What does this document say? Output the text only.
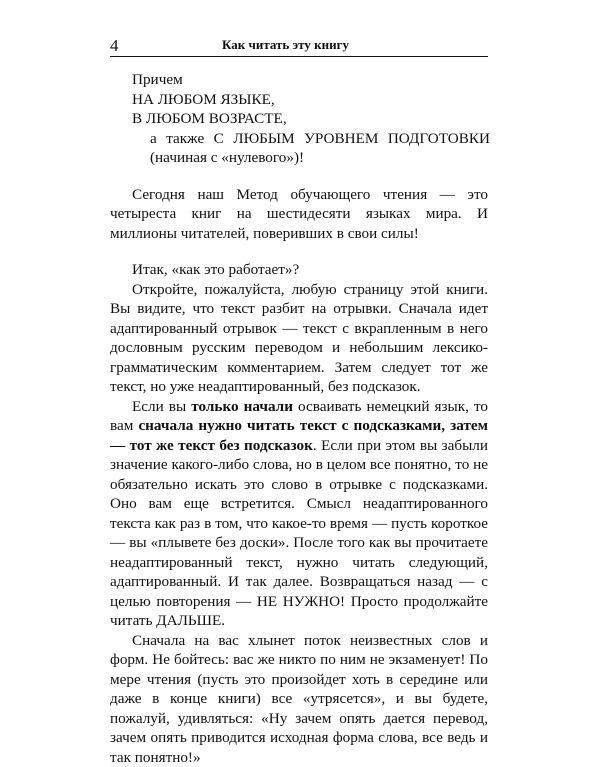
4	Как читать эту книгу
Причем
НА ЛЮБОМ ЯЗЫКЕ,
В ЛЮБОМ ВОЗРАСТЕ,

а также С ЛЮБЫМ УРОВНЕМ ПОДГОТОВКИ (начиная с «нулевого»)!

Сегодня наш Метод обучающего чтения — это четыреста книг на шестидесяти языках мира. И миллионы читателей, поверивших в свои силы!

Итак, «как это работает»?

Откройте, пожалуйста, любую страницу этой книги. Вы видите, что текст разбит на отрывки. Сначала идет адаптированный отрывок — текст с вкрапленным в него дословным русским переводом и небольшим лексико-грамматическим комментарием. Затем следует тот же текст, но уже неадаптированный, без подсказок.

Если вы только начали осваивать немецкий язык, то вам сначала нужно читать текст с подсказками, затем — тот же текст без подсказок. Если при этом вы забыли значение какого-либо слова, но в целом все понятно, то не обязательно искать это слово в отрывке с подсказками. Оно вам еще встретится. Смысл неадаптированного текста как раз в том, что какое-то время — пусть короткое — вы «плывете без доски». После того как вы прочитаете неадаптированный текст, нужно читать следующий, адаптированный. И так далее. Возвращаться назад — с целью повторения — НЕ НУЖНО! Просто продолжайте читать ДАЛЬШЕ.

Сначала на вас хлынет поток неизвестных слов и форм. Не бойтесь: вас же никто по ним не экзаменует! По мере чтения (пусть это произойдет хоть в середине или даже в конце книги) все «утрясется», и вы будете, пожалуй, удивляться: «Ну зачем опять дается перевод, зачем опять приводится исходная форма слова, все ведь и так понятно!»
